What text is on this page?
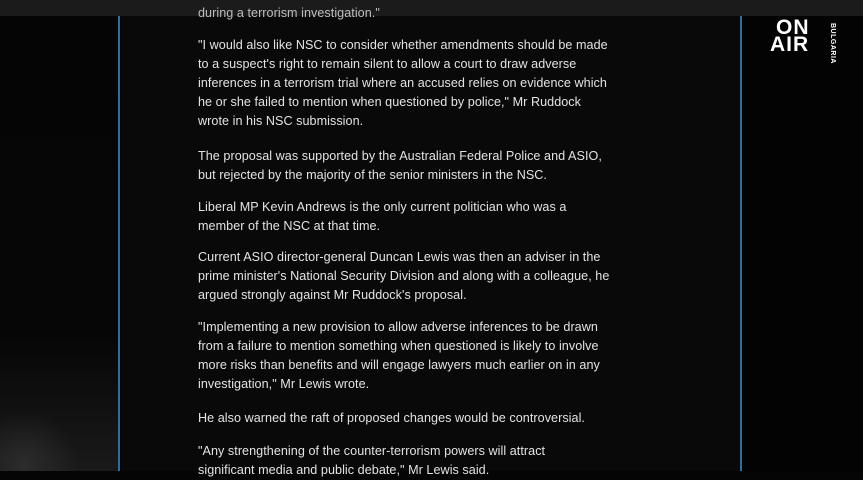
during a terrorism investigation."

"I would also like NSC to consider whether amendments should be made
to a suspect's right to remain silent to allow a court to draw adverse
inferences in a terrorism trial where an accused relies on evidence which
he or she failed to mention when questioned by police," Mr Ruddock
wrote in his NSC submission.

The proposal was supported by the Australian Federal Police and ASIO,
but rejected by the majority of the senior ministers in the NSC.

Liberal MP Kevin Andrews is the only current politician who was a
member of the NSC at that time.

Current ASIO director-general Duncan Lewis was then an adviser in the
prime minister's National Security Division and along with a colleague, he
argued strongly against Mr Ruddock's proposal.

"Implementing a new provision to allow adverse inferences to be drawn
from a failure to mention something when questioned is likely to involve
more risks than benefits and will engage lawyers much earlier on in any
investigation," Mr Lewis wrote.

He also warned the raft of proposed changes would be controversial.

"Any strengthening of the counter-terrorism powers will attract
significant media and public debate," Mr Lewis said.

ON
AIR	BULGARIA
